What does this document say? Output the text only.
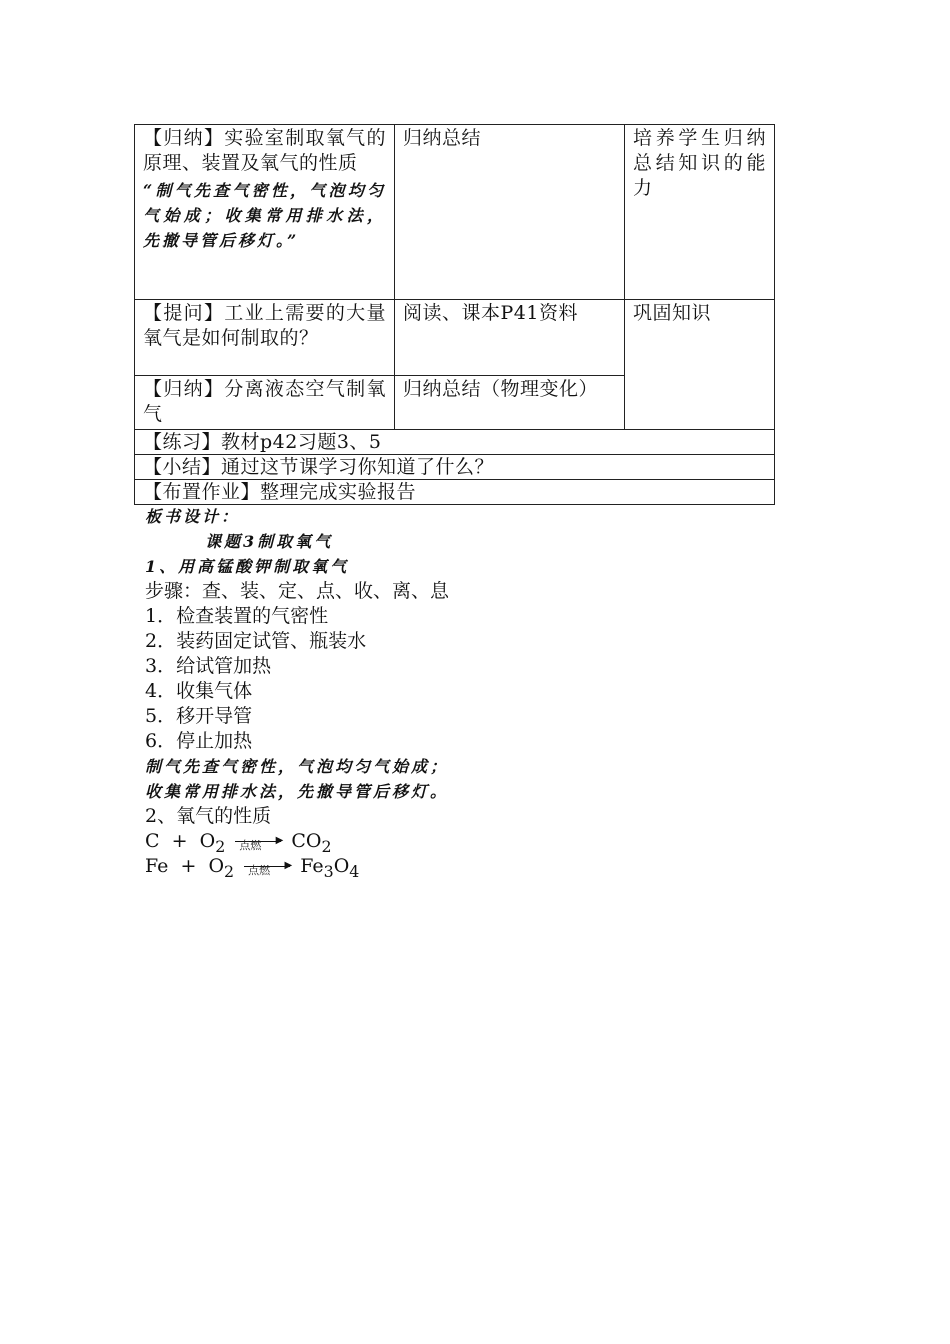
【归纳】实验室制取氧气的原理、装置及氧气的性质
“制气先查气密性，气泡均匀气始成；收集常用排水法，先撤导管后移灯。”	归纳总结	培养学生归纳总结知识的能力
【提问】工业上需要的大量氧气是如何制取的？	阅读、课本P41资料	巩固知识
【归纳】分离液态空气制氧气	归纳总结（物理变化）	
【练习】教材p42习题3、5		
【小结】通过这节课学习你知道了什么？		
【布置作业】整理完成实验报告		
板书设计：
课题3制取氧气
1、用高锰酸钾制取氧气
步骤：查、装、定、点、收、离、息
1．检查装置的气密性
2．装药固定试管、瓶装水
3．给试管加热
4．收集气体
5．移开导管
6．停止加热
制气先查气密性，气泡均匀气始成；
收集常用排水法，先撤导管后移灯。
2、氧气的性质
$C + O_2$	▶
点燃 $CO_2$
$Fe + O_2$	▶
点燃 $Fe_3O_4$
